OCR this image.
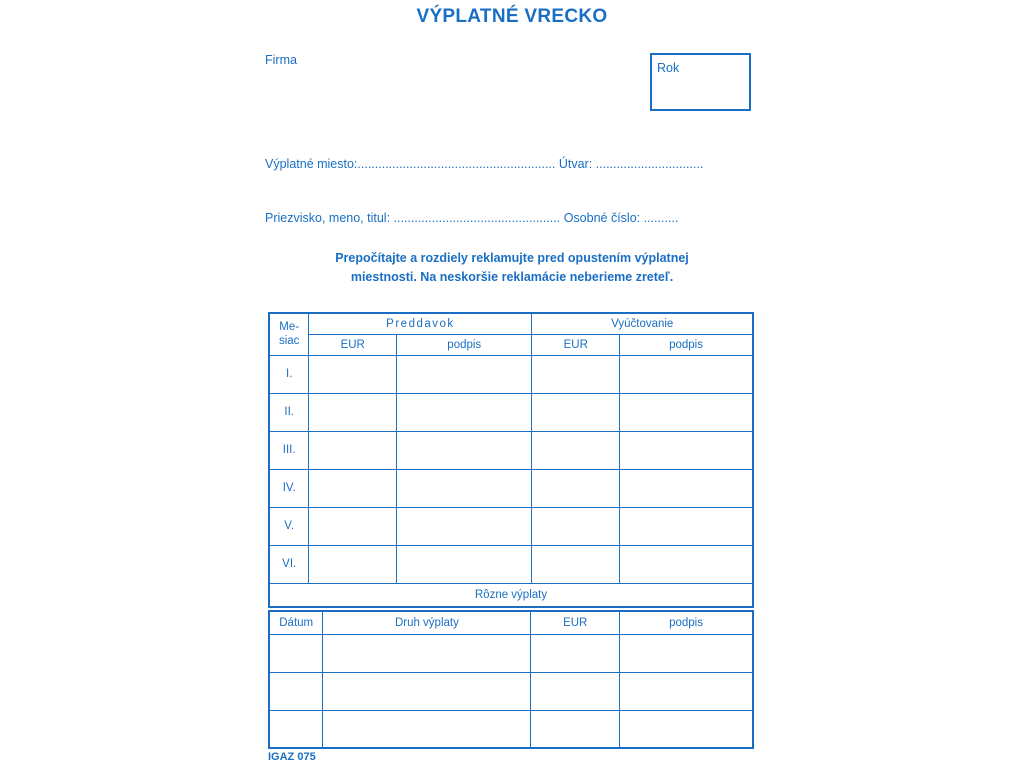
VÝPLATNÉ VRECKO
Firma
Rok
Výplatné miesto:......................................................... Útvar: ...............................
Priezvisko, meno, titul: ................................................ Osobné číslo: ..........
Prepočítajte a rozdiely reklamujte pred opustením výplatnej
miestnosti. Na neskoršie reklamácie neberieme zreteľ.
Me-
siac	Preddavok		Vyúčtovanie	
	EUR	podpis	EUR	podpis
I.				
II.				
III.				
IV.				
V.				
VI.				
Rôzne výplaty				
Dátum	Druh výplaty	EUR	podpis

IGAZ 075
